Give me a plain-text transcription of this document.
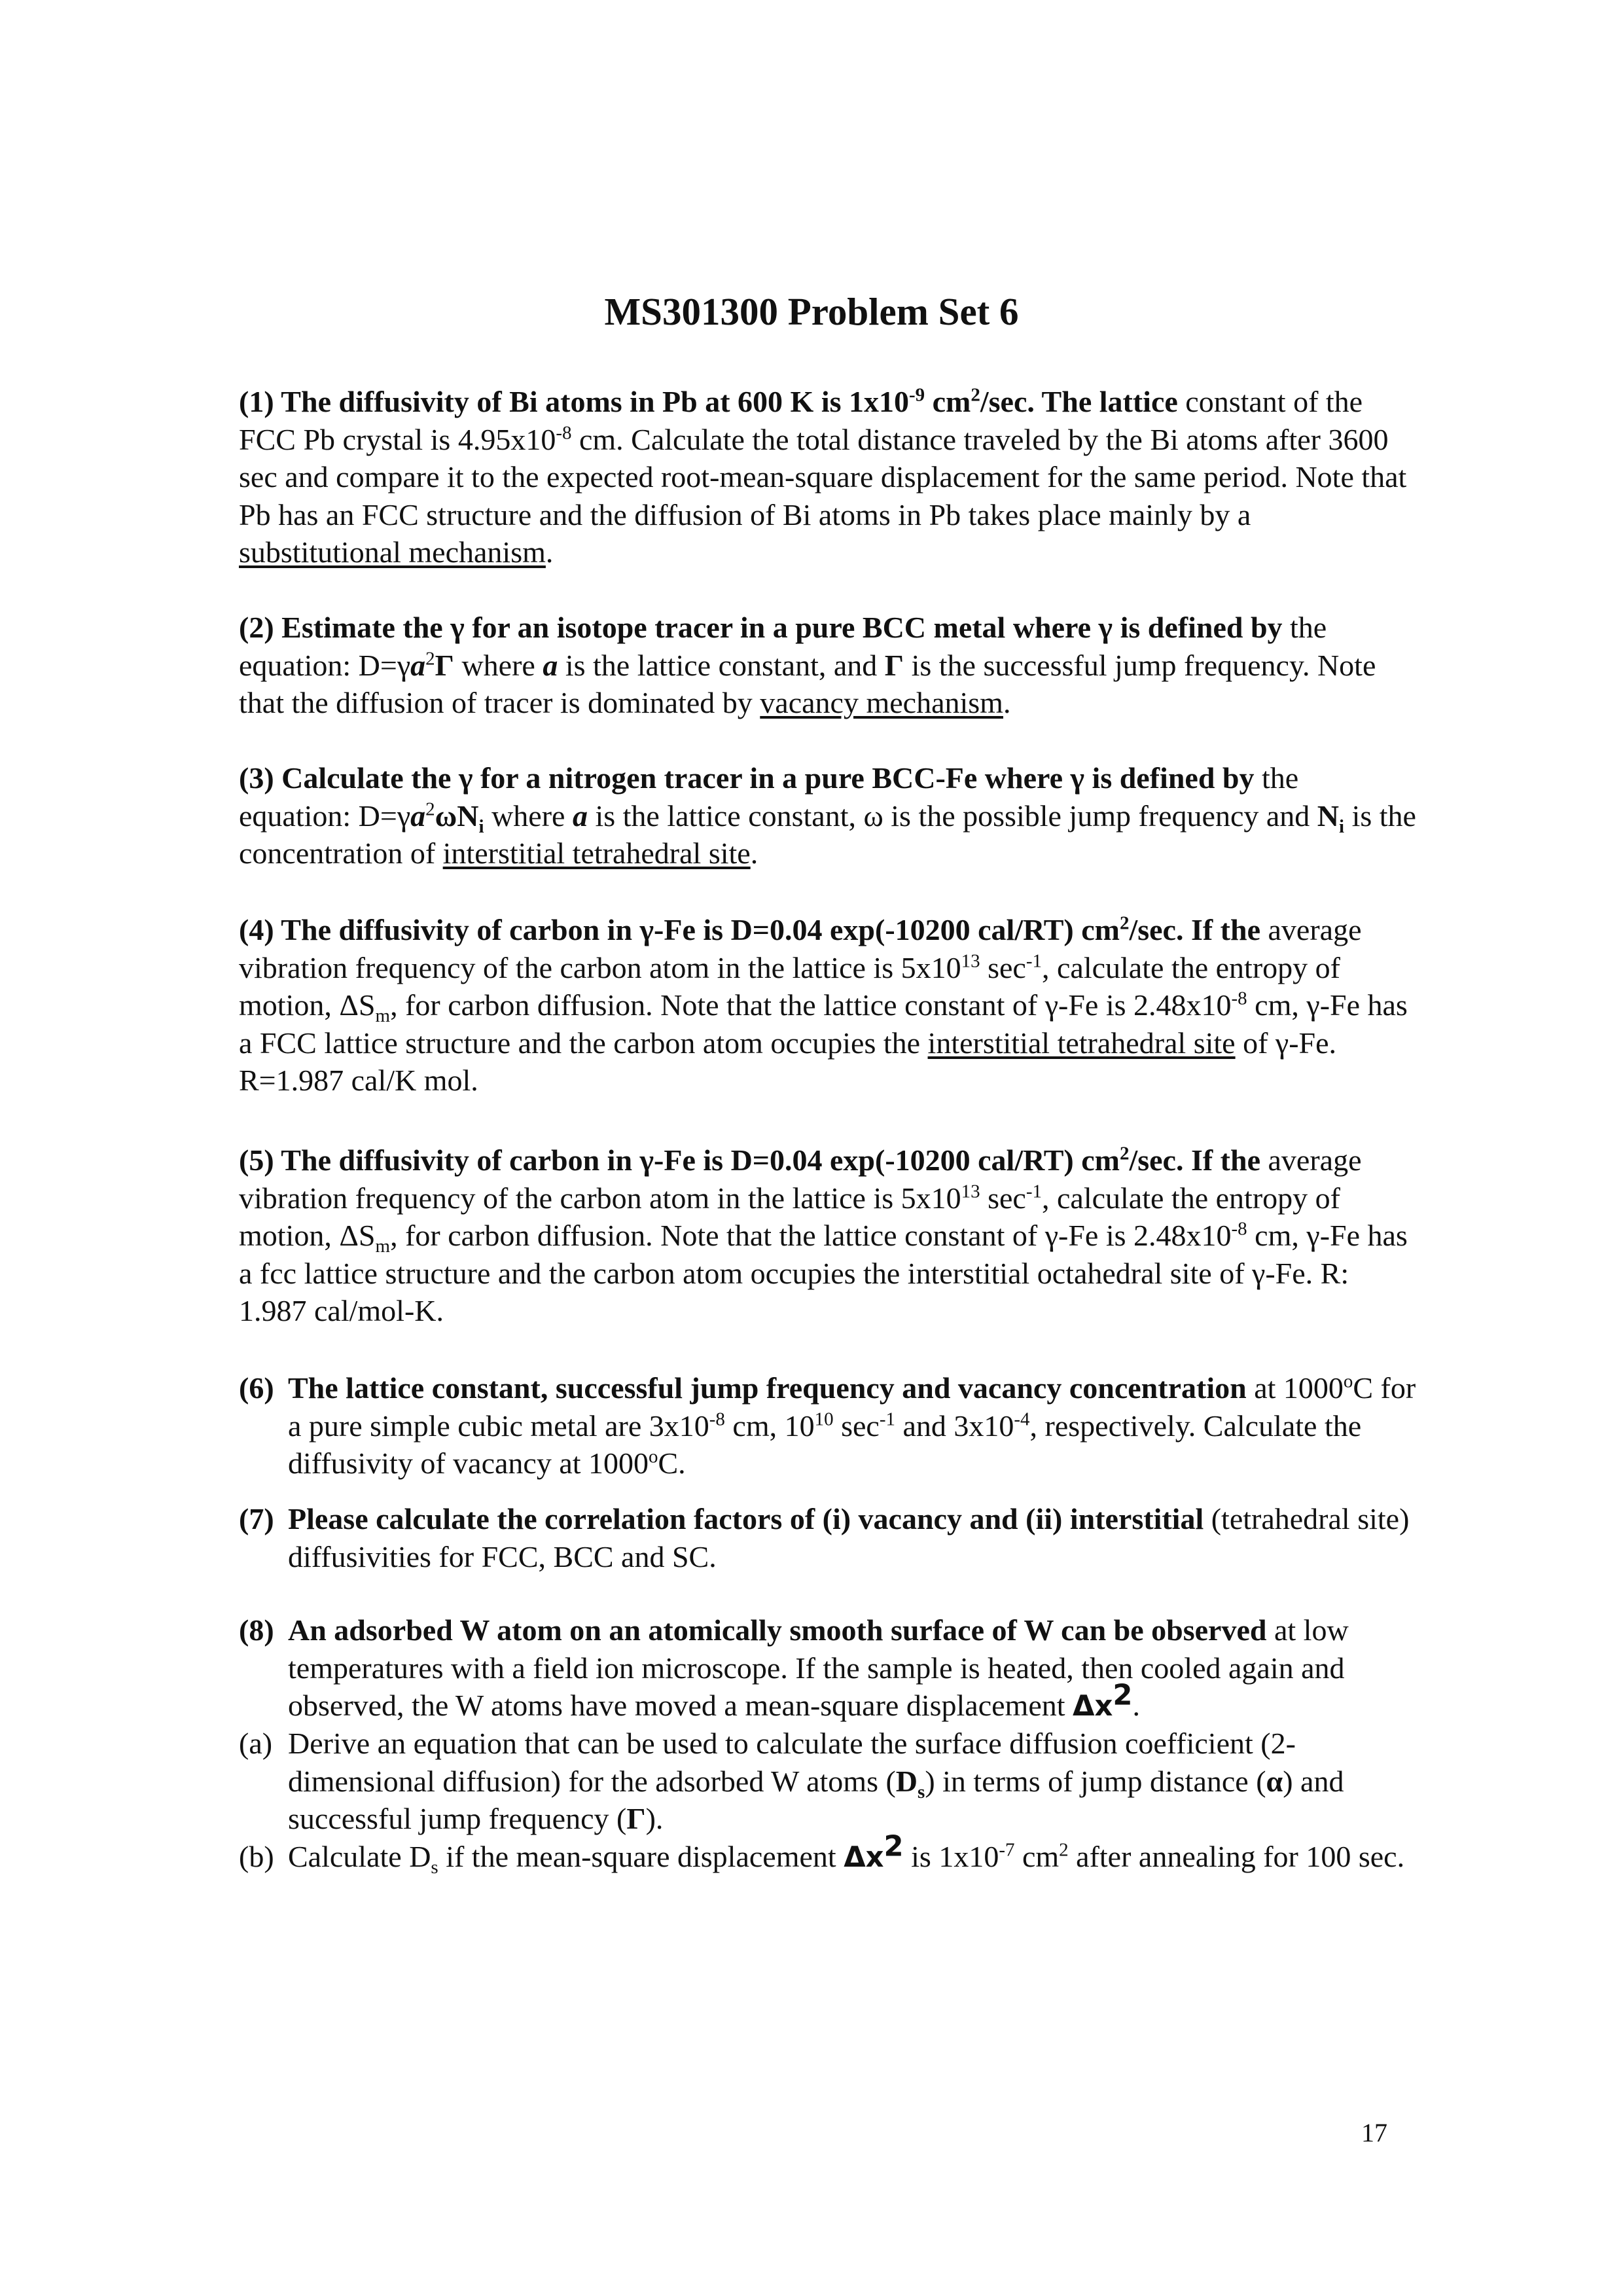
MS301300 Problem Set 6

(1) The diffusivity of Bi atoms in Pb at 600 K is $1x10^{-9}$ $cm^2/\sec$. The lattice constant of the FCC Pb crystal is $4.95x10^{-8}$ cm. Calculate the total distance traveled by the Bi atoms after 3600 sec and compare it to the expected root-mean-square displacement for the same period. Note that Pb has an FCC structure and the diffusion of Bi atoms in Pb takes place mainly by a substitutional mechanism.

(2) Estimate the γ for an isotope tracer in a pure BCC metal where γ is defined by the equation: $D=\gamma a^2\Gamma$ where a is the lattice constant, and Γ is the successful jump frequency. Note that the diffusion of tracer is dominated by vacancy mechanism.

(3) Calculate the γ for a nitrogen tracer in a pure BCC-Fe where γ is defined by the equation: $D=\gamma a^2\omega N_i$ where a is the lattice constant, ω is the possible jump frequency and $N_i$ is the concentration of interstitial tetrahedral site.

(4) The diffusivity of carbon in γ-Fe is D=0.04 exp(-10200 cal/RT) $cm^2/\sec$. If the average vibration frequency of the carbon atom in the lattice is $5x10^{13}$ $\sec^{-1}$, calculate the entropy of motion, $\Delta S_m$, for carbon diffusion. Note that the lattice constant of γ-Fe is $2.48x10^{-8}$ cm, γ-Fe has a FCC lattice structure and the carbon atom occupies the interstitial tetrahedral site of γ-Fe. R=1.987 cal/K mol.

(5) The diffusivity of carbon in γ-Fe is D=0.04 exp(-10200 cal/RT) $cm^2/\sec$. If the average vibration frequency of the carbon atom in the lattice is $5x10^{13}$ $\sec^{-1}$, calculate the entropy of motion, $\Delta S_m$, for carbon diffusion. Note that the lattice constant of γ-Fe is $2.48x10^{-8}$ cm, γ-Fe has a fcc lattice structure and the carbon atom occupies the interstitial octahedral site of γ-Fe. R: 1.987 cal/mol-K.

(6) The lattice constant, successful jump frequency and vacancy concentration at 1000$^o$C for a pure simple cubic metal are $3x10^{-8}$ cm, $10^{10}$ $\sec^{-1}$ and $3x10^{-4}$, respectively. Calculate the diffusivity of vacancy at 1000$^o$C.
(7) Please calculate the correlation factors of (i) vacancy and (ii) interstitial (tetrahedral site) diffusivities for FCC, BCC and SC.
(8) An adsorbed W atom on an atomically smooth surface of W can be observed at low temperatures with a field ion microscope. If the sample is heated, then cooled again and observed, the W atoms have moved a mean-square displacement $\Delta x^2$.
(a) Derive an equation that can be used to calculate the surface diffusion coefficient (2-dimensional diffusion) for the adsorbed W atoms $(D_s)$ in terms of jump distance (α) and successful jump frequency (Γ).
(b) Calculate $D_s$ if the mean-square displacement $\Delta x^2$ is $1x10^{-7}$ $cm^2$ after annealing for 100 sec.
17
